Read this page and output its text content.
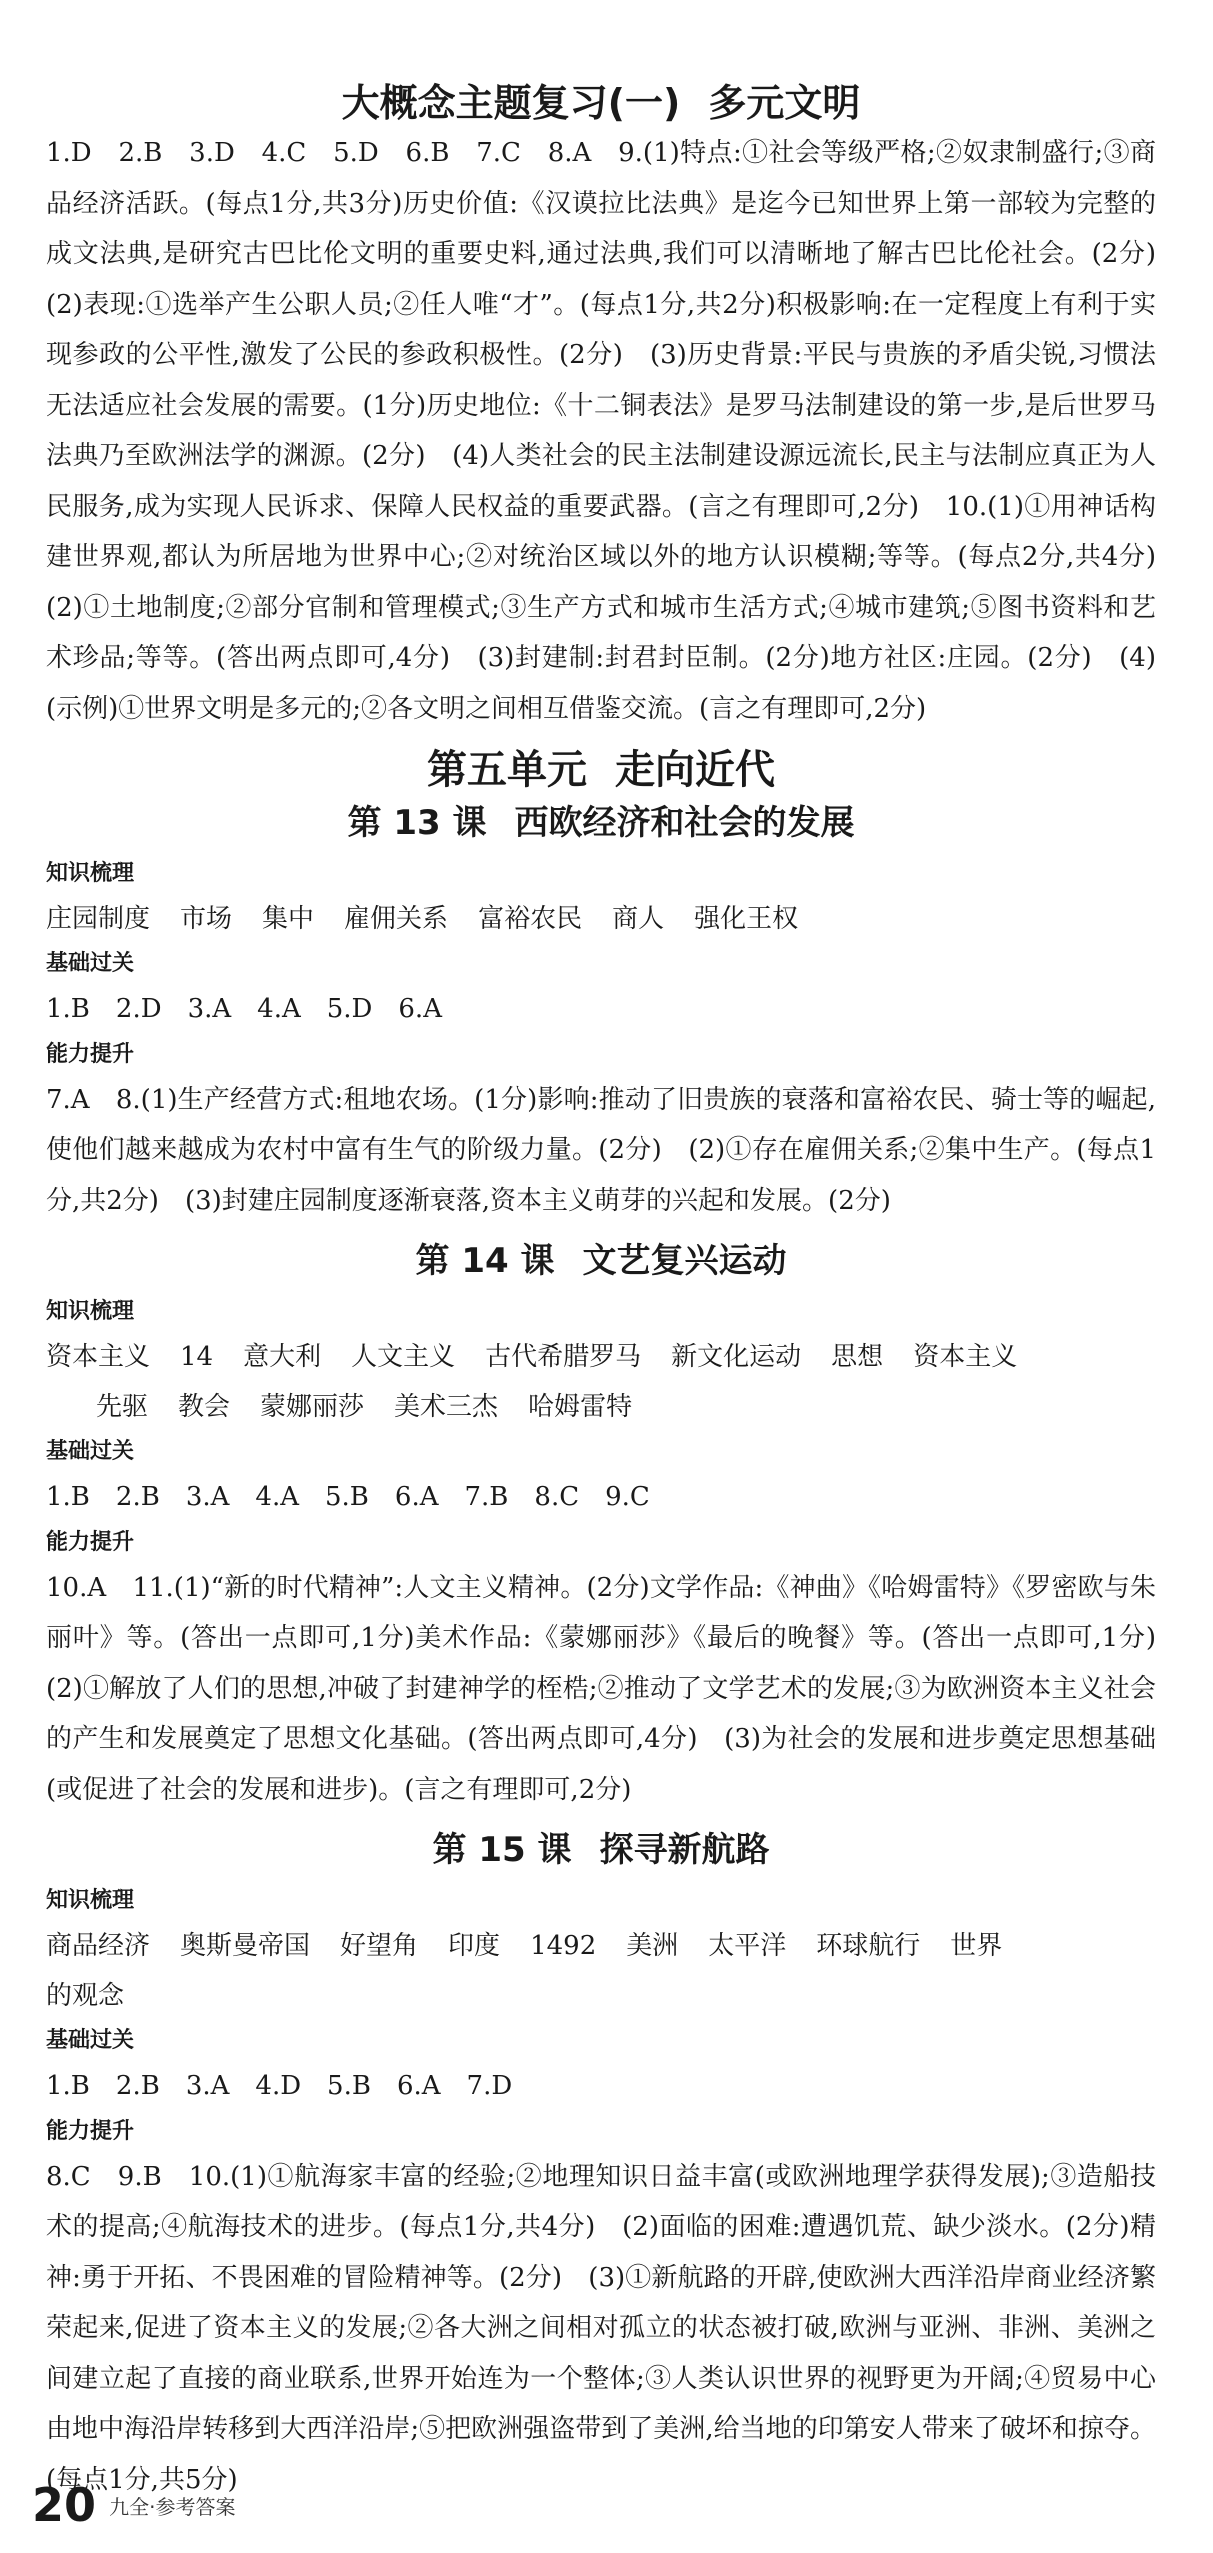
大概念主题复习(一) 多元文明

1.D　2.B　3.D　4.C　5.D　6.B　7.C　8.A　9.(1)特点:①社会等级严格;②奴隶制盛行;③商品经济活跃。(每点1分,共3分)历史价值:《汉谟拉比法典》是迄今已知世界上第一部较为完整的成文法典,是研究古巴比伦文明的重要史料,通过法典,我们可以清晰地了解古巴比伦社会。(2分)　(2)表现:①选举产生公职人员;②任人唯“才”。(每点1分,共2分)积极影响:在一定程度上有利于实现参政的公平性,激发了公民的参政积极性。(2分)　(3)历史背景:平民与贵族的矛盾尖锐,习惯法无法适应社会发展的需要。(1分)历史地位:《十二铜表法》是罗马法制建设的第一步,是后世罗马法典乃至欧洲法学的渊源。(2分)　(4)人类社会的民主法制建设源远流长,民主与法制应真正为人民服务,成为实现人民诉求、保障人民权益的重要武器。(言之有理即可,2分)　10.(1)①用神话构建世界观,都认为所居地为世界中心;②对统治区域以外的地方认识模糊;等等。(每点2分,共4分)　(2)①土地制度;②部分官制和管理模式;③生产方式和城市生活方式;④城市建筑;⑤图书资料和艺术珍品;等等。(答出两点即可,4分)　(3)封建制:封君封臣制。(2分)地方社区:庄园。(2分)　(4)(示例)①世界文明是多元的;②各文明之间相互借鉴交流。(言之有理即可,2分)

第五单元 走向近代
第 13 课 西欧经济和社会的发展
知识梳理
庄园制度 市场 集中 雇佣关系 富裕农民 商人 强化王权
基础过关

1.B　2.D　3.A　4.A　5.D　6.A

能力提升

7.A　8.(1)生产经营方式:租地农场。(1分)影响:推动了旧贵族的衰落和富裕农民、骑士等的崛起,使他们越来越成为农村中富有生气的阶级力量。(2分)　(2)①存在雇佣关系;②集中生产。(每点1分,共2分)　(3)封建庄园制度逐渐衰落,资本主义萌芽的兴起和发展。(2分)

第 14 课 文艺复兴运动
知识梳理
资本主义 14 意大利 人文主义 古代希腊罗马 新文化运动 思想 资本主义
先驱 教会 蒙娜丽莎 美术三杰 哈姆雷特
基础过关

1.B　2.B　3.A　4.A　5.B　6.A　7.B　8.C　9.C

能力提升

10.A　11.(1)“新的时代精神”:人文主义精神。(2分)文学作品:《神曲》《哈姆雷特》《罗密欧与朱丽叶》等。(答出一点即可,1分)美术作品:《蒙娜丽莎》《最后的晚餐》等。(答出一点即可,1分)　(2)①解放了人们的思想,冲破了封建神学的桎梏;②推动了文学艺术的发展;③为欧洲资本主义社会的产生和发展奠定了思想文化基础。(答出两点即可,4分)　(3)为社会的发展和进步奠定思想基础(或促进了社会的发展和进步)。(言之有理即可,2分)

第 15 课 探寻新航路
知识梳理
商品经济 奥斯曼帝国 好望角 印度 1492 美洲 太平洋 环球航行 世界
的观念
基础过关

1.B　2.B　3.A　4.D　5.B　6.A　7.D

能力提升

8.C　9.B　10.(1)①航海家丰富的经验;②地理知识日益丰富(或欧洲地理学获得发展);③造船技术的提高;④航海技术的进步。(每点1分,共4分)　(2)面临的困难:遭遇饥荒、缺少淡水。(2分)精神:勇于开拓、不畏困难的冒险精神等。(2分)　(3)①新航路的开辟,使欧洲大西洋沿岸商业经济繁荣起来,促进了资本主义的发展;②各大洲之间相对孤立的状态被打破,欧洲与亚洲、非洲、美洲之间建立起了直接的商业联系,世界开始连为一个整体;③人类认识世界的视野更为开阔;④贸易中心由地中海沿岸转移到大西洋沿岸;⑤把欧洲强盗带到了美洲,给当地的印第安人带来了破坏和掠夺。(每点1分,共5分)

20 九全·参考答案
